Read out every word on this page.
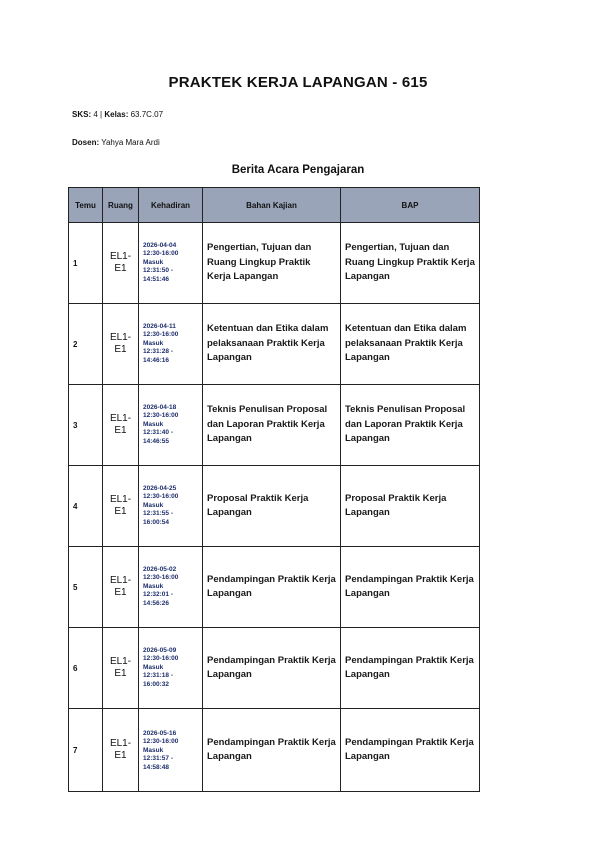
PRAKTEK KERJA LAPANGAN - 615
SKS: 4 | Kelas: 63.7C.07
Dosen: Yahya Mara Ardi
Berita Acara Pengajaran
Temu	Ruang	Kehadiran	Bahan Kajian	BAP
1	EL1-E1	2026-04-04
12:30-16:00
Masuk
12:31:50 - 14:51:46	Pengertian, Tujuan dan Ruang Lingkup Praktik Kerja Lapangan	Pengertian, Tujuan dan Ruang Lingkup Praktik Kerja Lapangan
2	EL1-E1	2026-04-11
12:30-16:00
Masuk
12:31:28 - 14:46:16	Ketentuan dan Etika dalam pelaksanaan Praktik Kerja Lapangan	Ketentuan dan Etika dalam pelaksanaan Praktik Kerja Lapangan
3	EL1-E1	2026-04-18
12:30-16:00
Masuk
12:31:40 - 14:46:55	Teknis Penulisan Proposal dan Laporan Praktik Kerja Lapangan	Teknis Penulisan Proposal dan Laporan Praktik Kerja Lapangan
4	EL1-E1	2026-04-25
12:30-16:00
Masuk
12:31:55 - 16:00:54	Proposal Praktik Kerja Lapangan	Proposal Praktik Kerja Lapangan
5	EL1-E1	2026-05-02
12:30-16:00
Masuk
12:32:01 - 14:56:26	Pendampingan Praktik Kerja Lapangan	Pendampingan Praktik Kerja Lapangan
6	EL1-E1	2026-05-09
12:30-16:00
Masuk
12:31:18 - 16:00:32	Pendampingan Praktik Kerja Lapangan	Pendampingan Praktik Kerja Lapangan
7	EL1-E1	2026-05-16
12:30-16:00
Masuk
12:31:57 - 14:58:48	Pendampingan Praktik Kerja Lapangan	Pendampingan Praktik Kerja Lapangan
